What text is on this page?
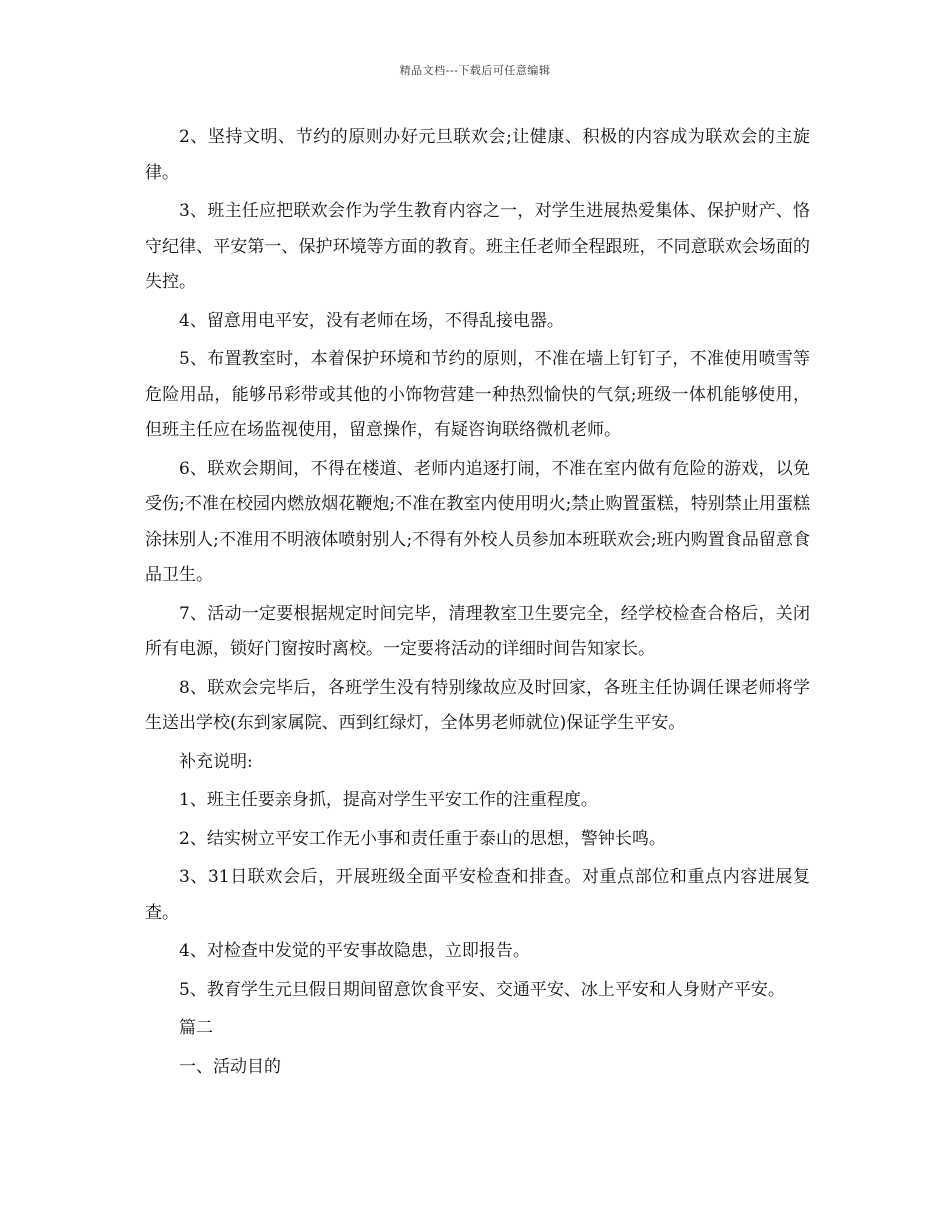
精品文档---下载后可任意编辑

2、坚持文明、节约的原则办好元旦联欢会;让健康、积极的内容成为联欢会的主旋律。

3、班主任应把联欢会作为学生教育内容之一，对学生进展热爱集体、保护财产、恪守纪律、平安第一、保护环境等方面的教育。班主任老师全程跟班，不同意联欢会场面的失控。

4、留意用电平安，没有老师在场，不得乱接电器。

5、布置教室时，本着保护环境和节约的原则，不准在墙上钉钉子，不准使用喷雪等危险用品，能够吊彩带或其他的小饰物营建一种热烈愉快的气氛;班级一体机能够使用，但班主任应在场监视使用，留意操作，有疑咨询联络微机老师。

6、联欢会期间，不得在楼道、老师内追逐打闹，不准在室内做有危险的游戏，以免受伤;不准在校园内燃放烟花鞭炮;不准在教室内使用明火;禁止购置蛋糕，特别禁止用蛋糕涂抹别人;不准用不明液体喷射别人;不得有外校人员参加本班联欢会;班内购置食品留意食品卫生。

7、活动一定要根据规定时间完毕，清理教室卫生要完全，经学校检查合格后，关闭所有电源，锁好门窗按时离校。一定要将活动的详细时间告知家长。

8、联欢会完毕后，各班学生没有特别缘故应及时回家，各班主任协调任课老师将学生送出学校(东到家属院、西到红绿灯，全体男老师就位)保证学生平安。

补充说明:

1、班主任要亲身抓，提高对学生平安工作的注重程度。

2、结实树立平安工作无小事和责任重于泰山的思想，警钟长鸣。

3、31日联欢会后，开展班级全面平安检查和排查。对重点部位和重点内容进展复查。

4、对检查中发觉的平安事故隐患，立即报告。

5、教育学生元旦假日期间留意饮食平安、交通平安、冰上平安和人身财产平安。

篇二

一、活动目的
